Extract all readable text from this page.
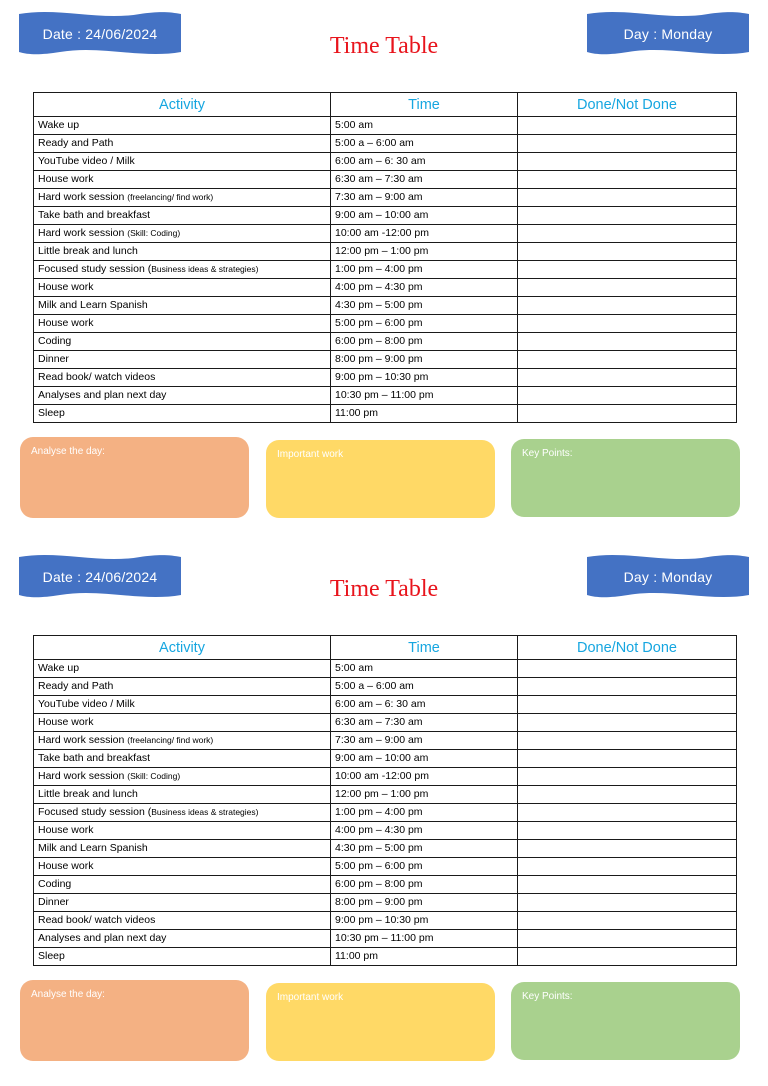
Date : 24/06/2024	Time Table	Day : Monday
Activity	Time	Done/Not Done
Wake up	5:00 am	
Ready and Path	5:00 a – 6:00 am	
YouTube video / Milk	6:00 am – 6: 30 am	
House work	6:30 am – 7:30 am	
Hard work session (freelancing/ find work)	7:30 am – 9:00 am	
Take bath and breakfast	9:00 am – 10:00 am	
Hard work session (Skill: Coding)	10:00 am -12:00 pm	
Little break and lunch	12:00 pm – 1:00 pm	
Focused study session (Business ideas & strategies)	1:00 pm – 4:00 pm	
House work	4:00 pm – 4:30 pm	
Milk and Learn Spanish	4:30 pm – 5:00 pm	
House work	5:00 pm – 6:00 pm	
Coding	6:00 pm – 8:00 pm	
Dinner	8:00 pm – 9:00 pm	
Read book/ watch videos	9:00 pm – 10:30 pm	
Analyses and plan next day	10:30 pm – 11:00 pm	
Sleep	11:00 pm	
Analyse the day:	Important work	Key Points:
Date : 24/06/2024	Time Table	Day : Monday
Activity	Time	Done/Not Done
Wake up	5:00 am	
Ready and Path	5:00 a – 6:00 am	
YouTube video / Milk	6:00 am – 6: 30 am	
House work	6:30 am – 7:30 am	
Hard work session (freelancing/ find work)	7:30 am – 9:00 am	
Take bath and breakfast	9:00 am – 10:00 am	
Hard work session (Skill: Coding)	10:00 am -12:00 pm	
Little break and lunch	12:00 pm – 1:00 pm	
Focused study session (Business ideas & strategies)	1:00 pm – 4:00 pm	
House work	4:00 pm – 4:30 pm	
Milk and Learn Spanish	4:30 pm – 5:00 pm	
House work	5:00 pm – 6:00 pm	
Coding	6:00 pm – 8:00 pm	
Dinner	8:00 pm – 9:00 pm	
Read book/ watch videos	9:00 pm – 10:30 pm	
Analyses and plan next day	10:30 pm – 11:00 pm	
Sleep	11:00 pm	
Analyse the day:	Important work	Key Points:
